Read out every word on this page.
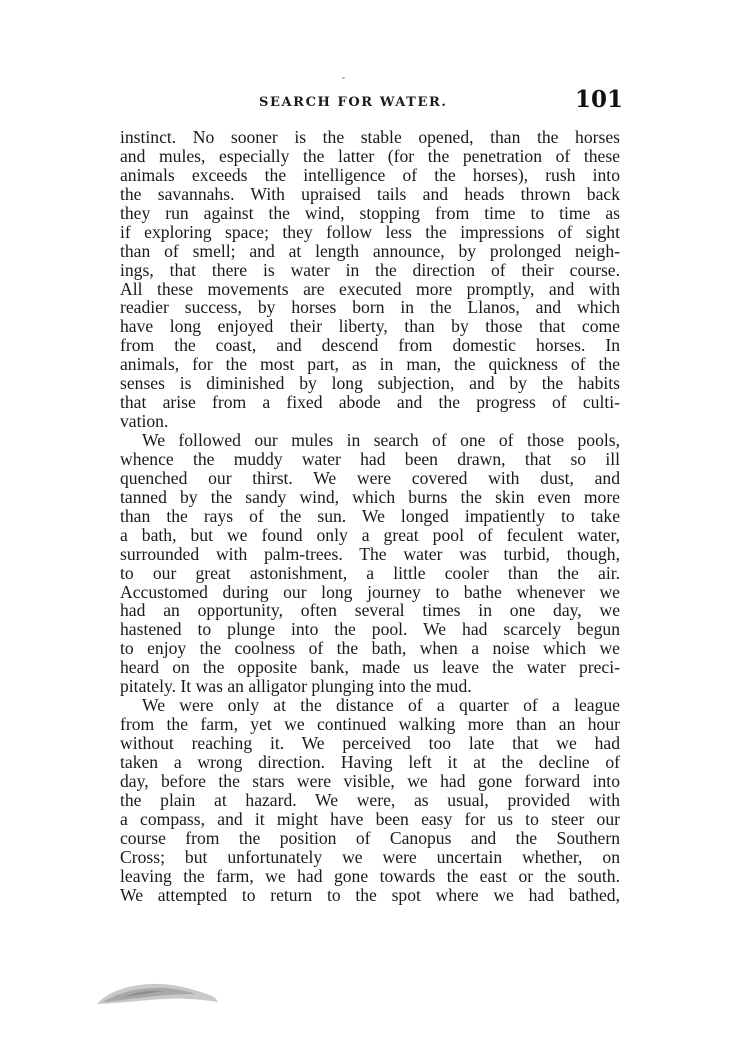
SEARCH FOR WATER.	101
instinct. No sooner is the stable opened, than the horses
and mules, especially the latter (for the penetration of these
animals exceeds the intelligence of the horses), rush into
the savannahs. With upraised tails and heads thrown back
they run against the wind, stopping from time to time as
if exploring space; they follow less the impressions of sight
than of smell; and at length announce, by prolonged neigh-
ings, that there is water in the direction of their course.
All these movements are executed more promptly, and with
readier success, by horses born in the Llanos, and which
have long enjoyed their liberty, than by those that come
from the coast, and descend from domestic horses. In
animals, for the most part, as in man, the quickness of the
senses is diminished by long subjection, and by the habits
that arise from a fixed abode and the progress of culti-
vation.
We followed our mules in search of one of those pools,
whence the muddy water had been drawn, that so ill
quenched our thirst. We were covered with dust, and
tanned by the sandy wind, which burns the skin even more
than the rays of the sun. We longed impatiently to take
a bath, but we found only a great pool of feculent water,
surrounded with palm-trees. The water was turbid, though,
to our great astonishment, a little cooler than the air.
Accustomed during our long journey to bathe whenever we
had an opportunity, often several times in one day, we
hastened to plunge into the pool. We had scarcely begun
to enjoy the coolness of the bath, when a noise which we
heard on the opposite bank, made us leave the water preci-
pitately. It was an alligator plunging into the mud.
We were only at the distance of a quarter of a league
from the farm, yet we continued walking more than an hour
without reaching it. We perceived too late that we had
taken a wrong direction. Having left it at the decline of
day, before the stars were visible, we had gone forward into
the plain at hazard. We were, as usual, provided with
a compass, and it might have been easy for us to steer our
course from the position of Canopus and the Southern
Cross; but unfortunately we were uncertain whether, on
leaving the farm, we had gone towards the east or the south.
We attempted to return to the spot where we had bathed,
